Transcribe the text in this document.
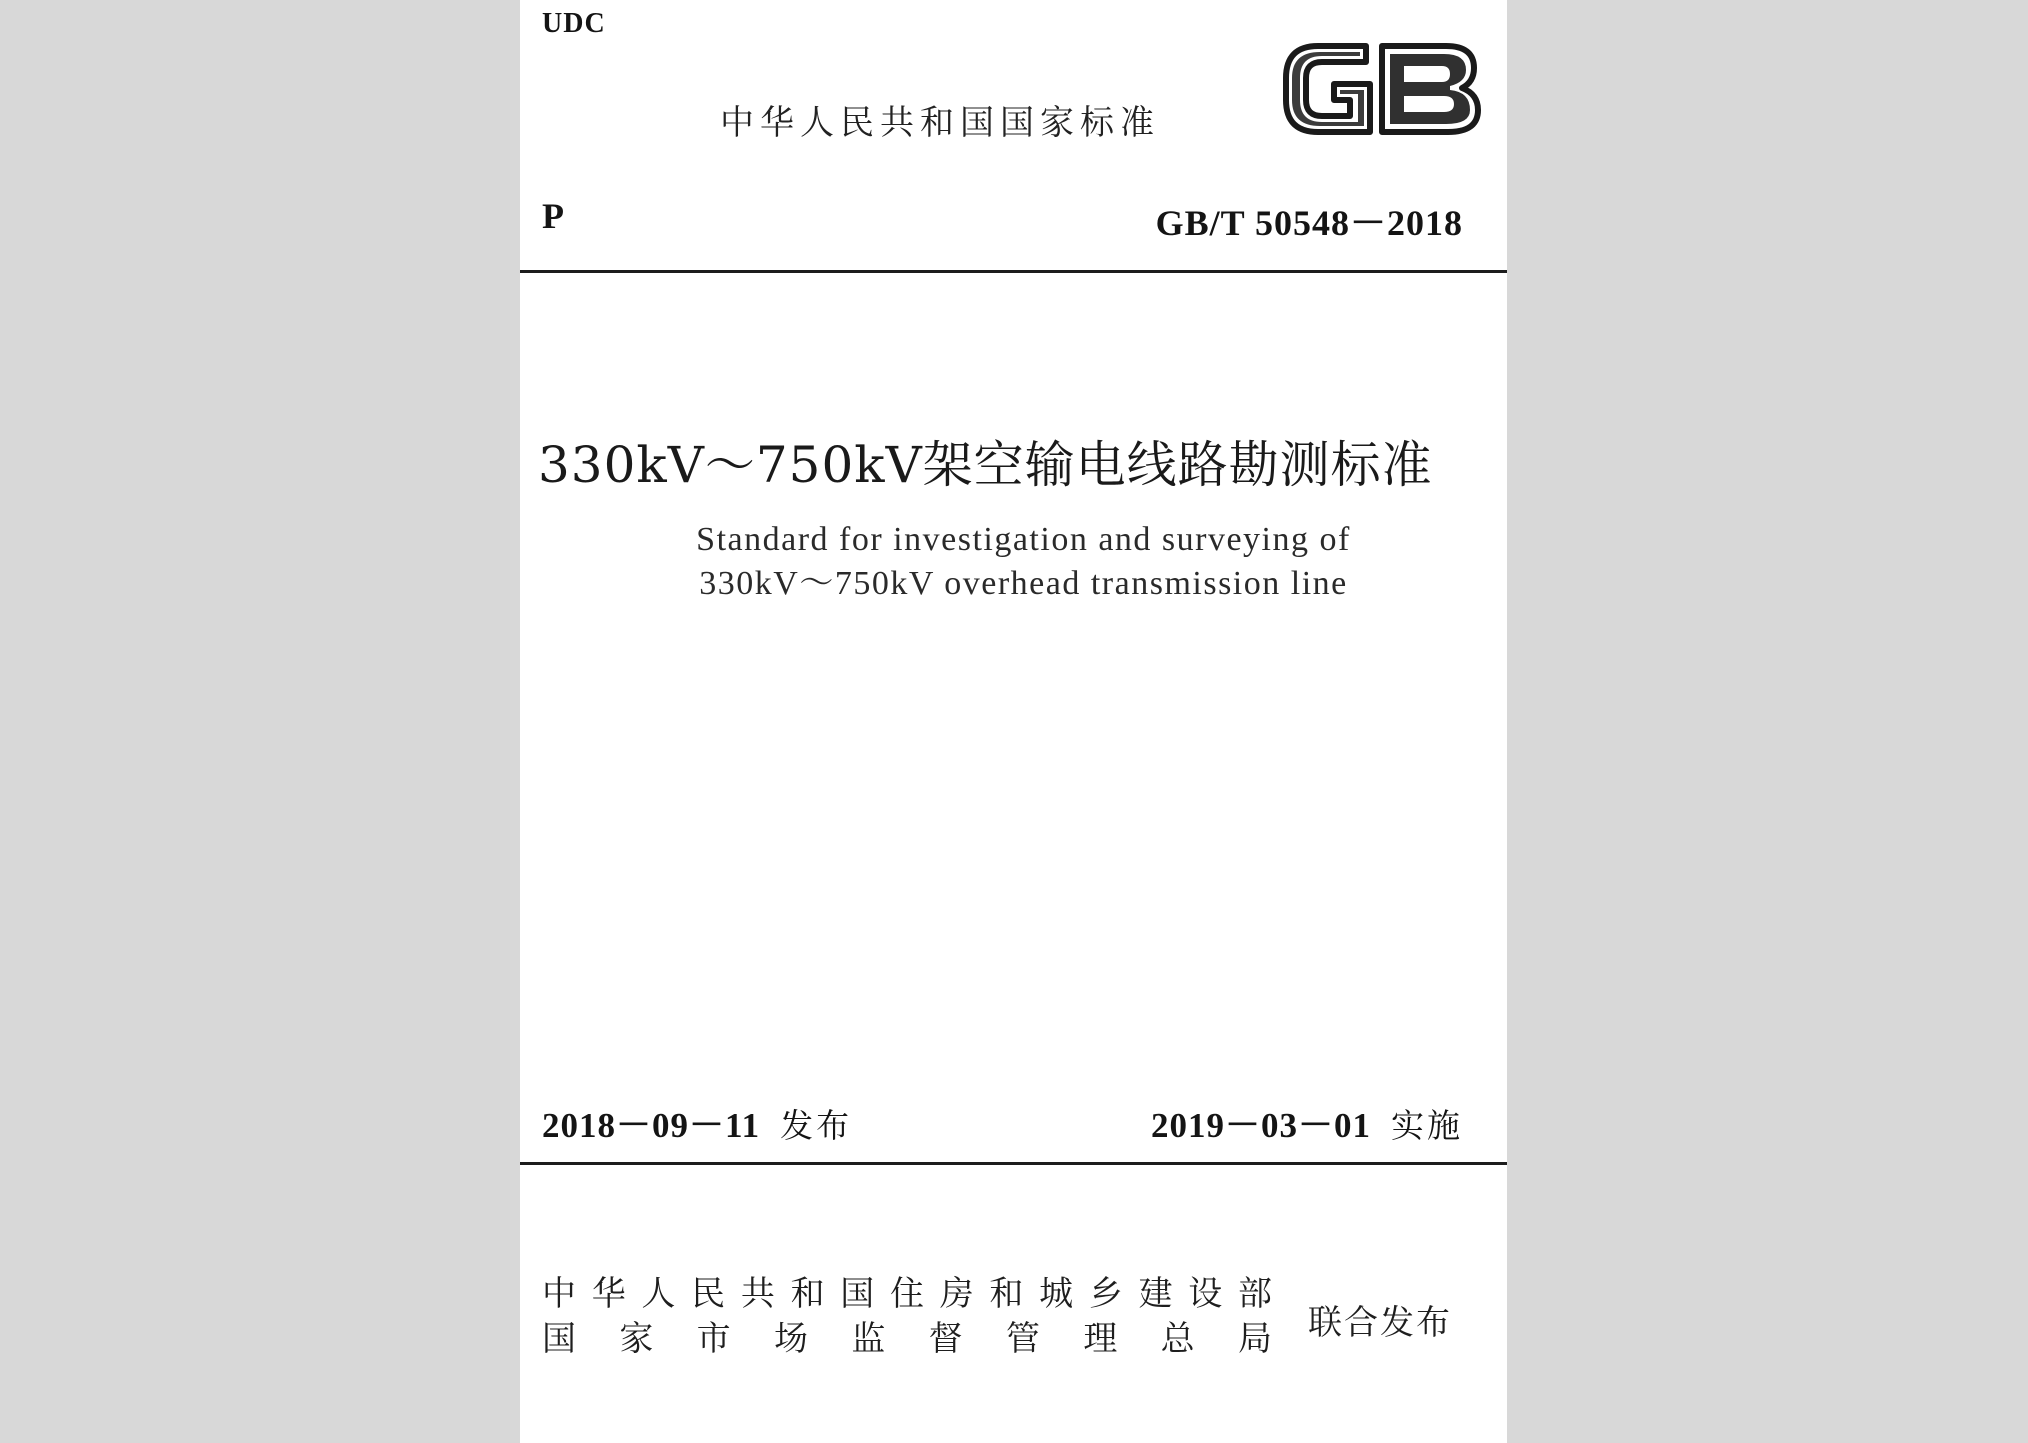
UDC
中华人民共和国国家标准
P	GB/T 50548－2018
330kV～750kV架空输电线路勘测标准
Standard for investigation and surveying of
330kV～750kV overhead transmission line
2018－09－11 发布	2019－03－01 实施
中华人民共和国住房和城乡建设部
国家市场监督管理总局 联合发布
